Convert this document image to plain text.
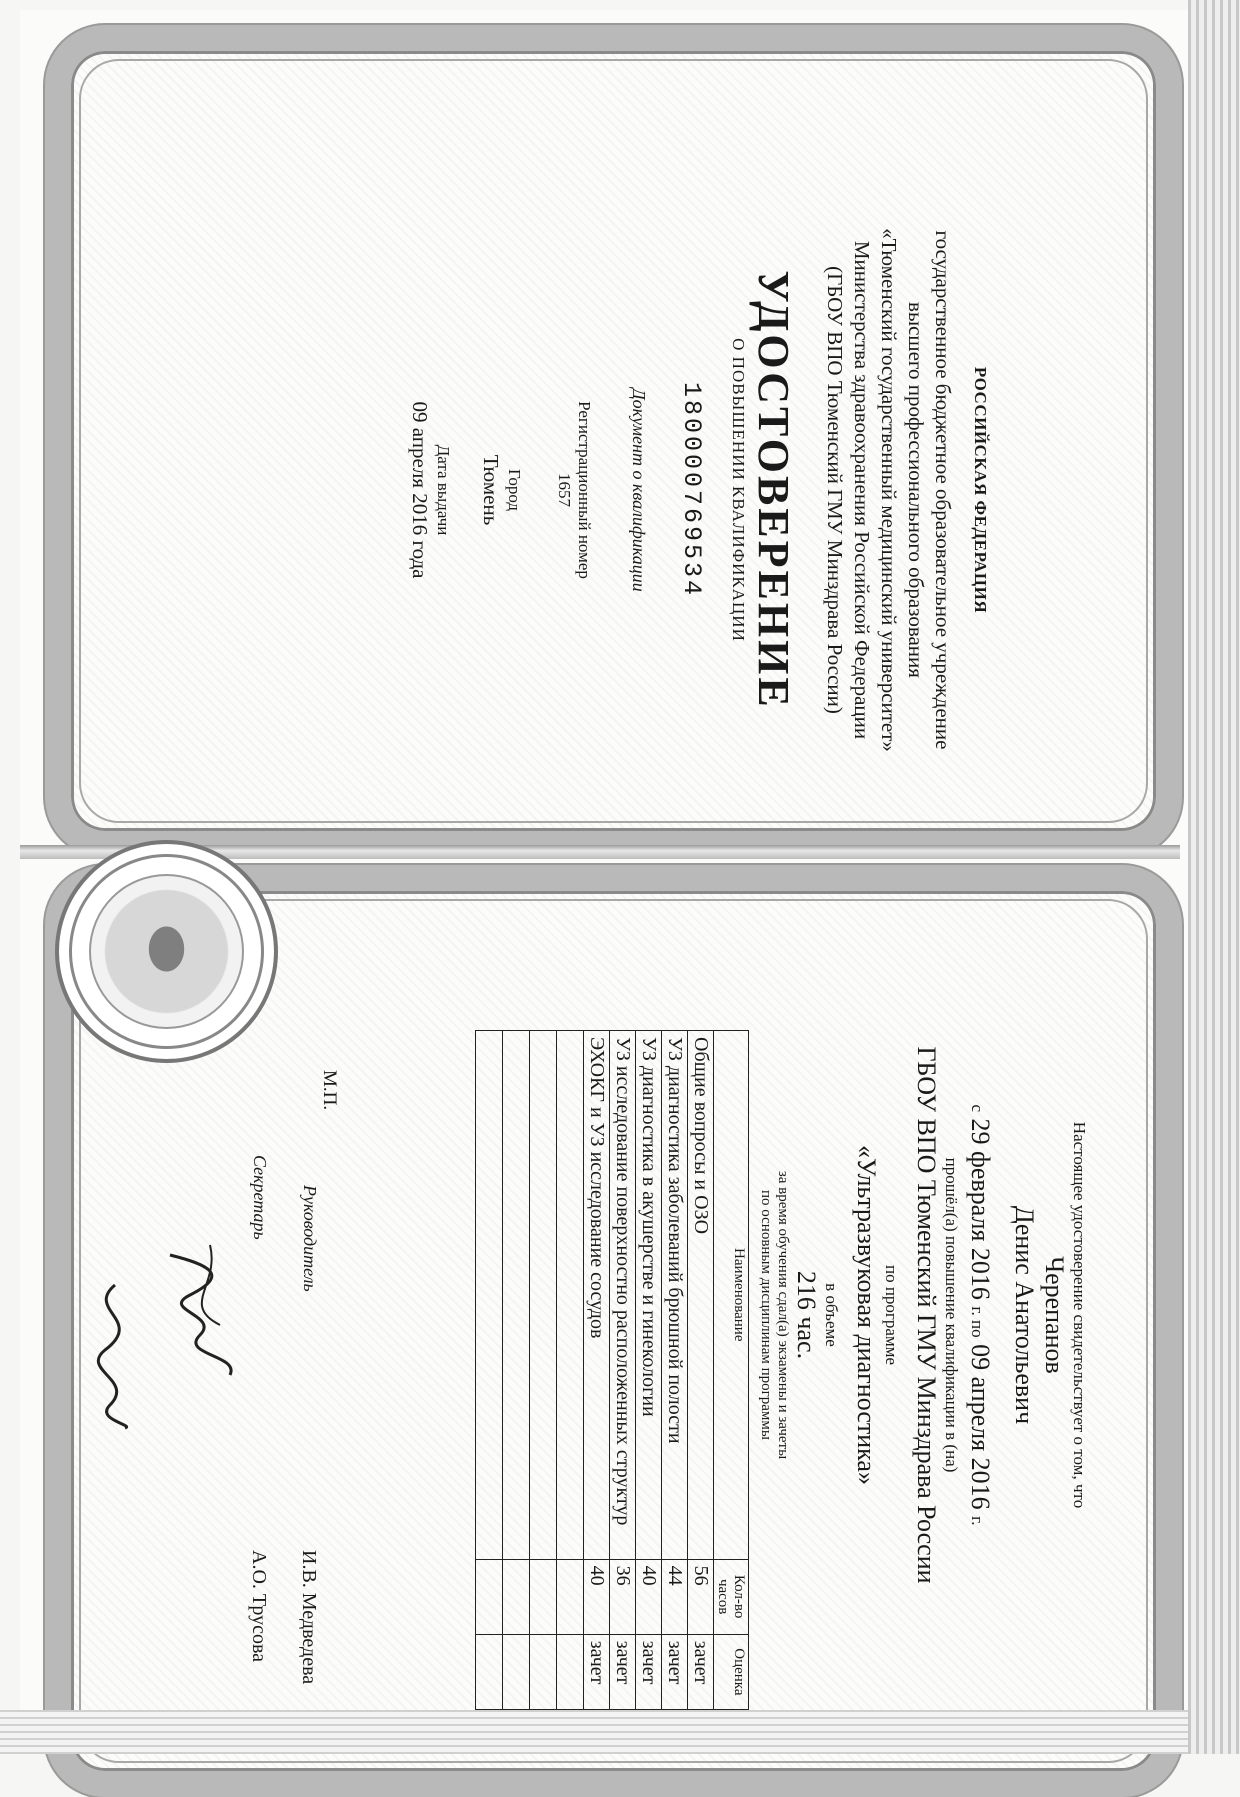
РОССИЙСКАЯ ФЕДЕРАЦИЯ
государственное бюджетное образовательное учреждение
высшего профессионального образования
«Тюменский государственный медицинский университет»
Министерства здравоохранения Российской Федерации
(ГБОУ ВПО Тюменский ГМУ Минздрава России)
УДОСТОВЕРЕНИЕ
О ПОВЫШЕНИИ КВАЛИФИКАЦИИ
180000769534
Документ о квалификации
Регистрационный номер
1657
Город
Тюмень
Дата выдачи
09 апреля 2016 года
Настоящее удостоверение свидетельствует о том, что
Черепанов
Денис Анатольевич
с 29 февраля 2016 г. по 09 апреля 2016 г.
прошёл(а) повышение квалификации в (на)
ГБОУ ВПО Тюменский ГМУ Минздрава России
по программе
«Ультразвуковая диагностика»
в объеме
216 час.
за время обучения сдал(а) экзамены и зачеты
по основным дисциплинам программы
Наименование	Кол-во часов	Оценка
Общие вопросы и ОЗО	56	зачет
УЗ диагностика заболеваний брюшной полости	44	зачет
УЗ диагностика в акушерстве и гинекологии	40	зачет
УЗ исследование поверхностно расположенных структур	36	зачет
ЭХОКГ и УЗ исследование сосудов	40	зачет

М.П.
Руководитель
И.В. Медведева
Секретарь
А.О. Трусова
